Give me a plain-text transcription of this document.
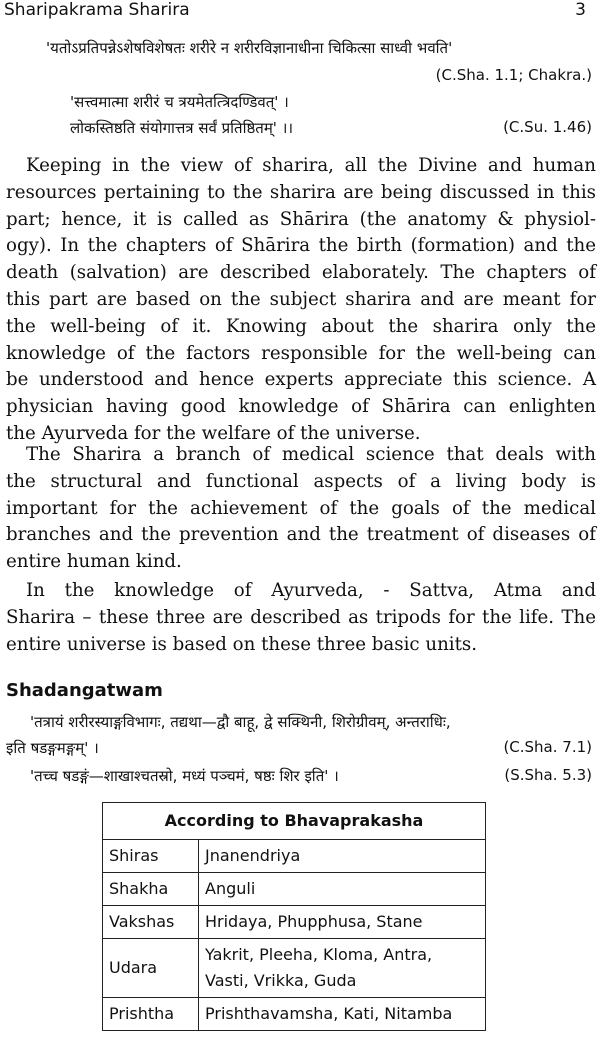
Sharipakrama Sharira	3
'यतोऽप्रतिपन्नेऽशेषविशेषतः शरीरे न शरीरविज्ञानाधीना चिकित्सा साध्वी भवति'
(C.Sha. 1.1; Chakra.)
'सत्त्वमात्मा शरीरं च त्रयमेतत्त्रिदण्डिवत्' ।
लोकस्तिष्ठति संयोगात्तत्र सर्वं प्रतिष्ठितम्' ।।	(C.Su. 1.46)
Keeping in the view of sharira, all the Divine and human
resources pertaining to the sharira are being discussed in this
part; hence, it is called as Shārira (the anatomy & physiol-
ogy). In the chapters of Shārira the birth (formation) and the
death (salvation) are described elaborately. The chapters of
this part are based on the subject sharira and are meant for
the well-being of it. Knowing about the sharira only the
knowledge of the factors responsible for the well-being can
be understood and hence experts appreciate this science. A
physician having good knowledge of Shārira can enlighten
the Ayurveda for the welfare of the universe.
The Sharira a branch of medical science that deals with
the structural and functional aspects of a living body is
important for the achievement of the goals of the medical
branches and the prevention and the treatment of diseases of
entire human kind.
In the knowledge of Ayurveda, - Sattva, Atma and
Sharira – these three are described as tripods for the life. The
entire universe is based on these three basic units.
Shadangatwam
'तत्रायं शरीरस्याङ्गविभागः, तद्यथा—द्वौ बाहू, द्वे सक्थिनी, शिरोग्रीवम्, अन्तराधिः,
इति षडङ्गमङ्गम्' ।	(C.Sha. 7.1)
'तच्च षडङ्गं—शाखाश्चतस्रो, मध्यं पञ्चमं, षष्ठः शिर इति' ।	(S.Sha. 5.3)
According to Bhavaprakasha	
Shiras	Jnanendriya
Shakha	Anguli
Vakshas	Hridaya, Phupphusa, Stane
Udara	Yakrit, Pleeha, Kloma, Antra, Vasti, Vrikka, Guda
Prishtha	Prishthavamsha, Kati, Nitamba
